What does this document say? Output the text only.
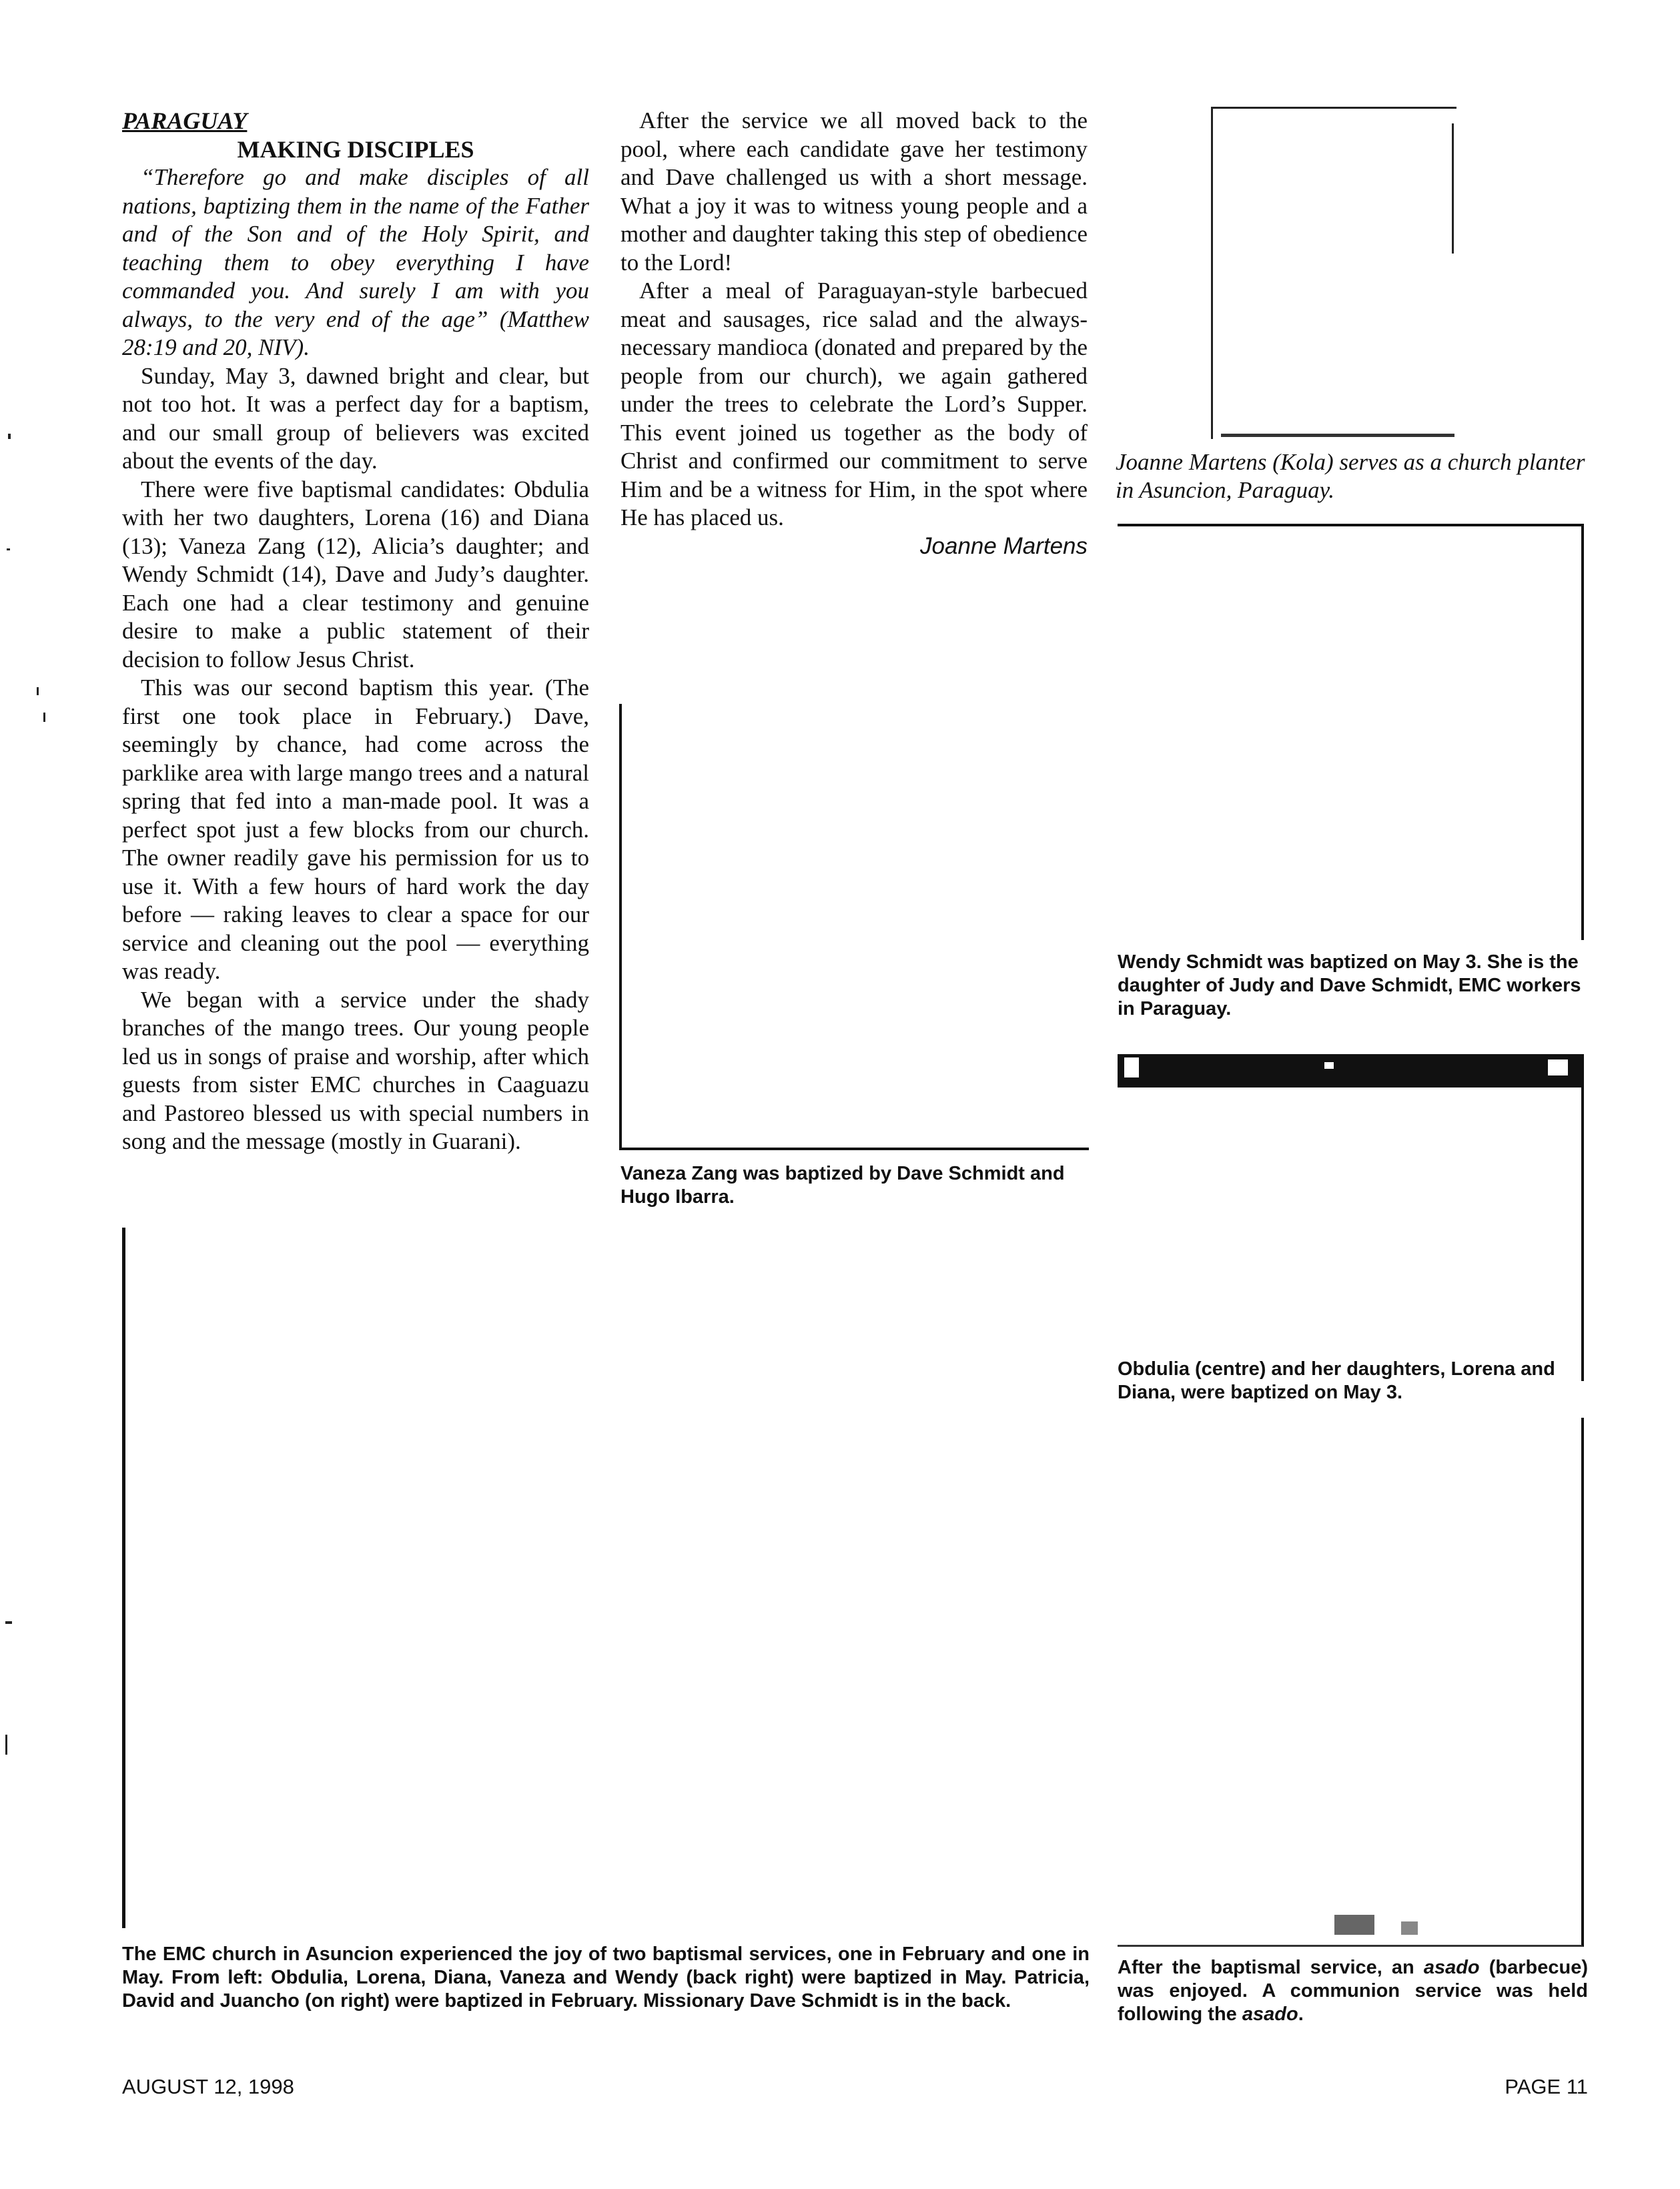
PARAGUAY
MAKING DISCIPLES

“Therefore go and make disciples of all nations, baptizing them in the name of the Father and of the Son and of the Holy Spirit, and teaching them to obey everything I have commanded you. And surely I am with you always, to the very end of the age” (Matthew 28:19 and 20, NIV).

Sunday, May 3, dawned bright and clear, but not too hot. It was a perfect day for a baptism, and our small group of believers was excited about the events of the day.

There were five baptismal candidates: Obdulia with her two daughters, Lorena (16) and Diana (13); Vaneza Zang (12), Alicia’s daughter; and Wendy Schmidt (14), Dave and Judy’s daughter. Each one had a clear testimony and genuine desire to make a public statement of their decision to follow Jesus Christ.

This was our second baptism this year. (The first one took place in February.) Dave, seemingly by chance, had come across the parklike area with large mango trees and a natural spring that fed into a man-made pool. It was a perfect spot just a few blocks from our church. The owner readily gave his permission for us to use it. With a few hours of hard work the day before — raking leaves to clear a space for our service and cleaning out the pool — everything was ready.

We began with a service under the shady branches of the mango trees. Our young people led us in songs of praise and worship, after which guests from sister EMC churches in Caaguazu and Pastoreo blessed us with special numbers in song and the message (mostly in Guarani).

After the service we all moved back to the pool, where each candidate gave her testimony and Dave challenged us with a short message. What a joy it was to witness young people and a mother and daughter taking this step of obedience to the Lord!

After a meal of Paraguayan-style barbecued meat and sausages, rice salad and the always-necessary mandioca (donated and prepared by the people from our church), we again gathered under the trees to celebrate the Lord’s Supper. This event joined us together as the body of Christ and confirmed our commitment to serve Him and be a witness for Him, in the spot where He has placed us.

Joanne Martens

Joanne Martens (Kola) serves as a church planter in Asuncion, Paraguay.

Wendy Schmidt was baptized on May 3. She is the daughter of Judy and Dave Schmidt, EMC workers in Paraguay.

Vaneza Zang was baptized by Dave Schmidt and Hugo Ibarra.

Obdulia (centre) and her daughters, Lorena and Diana, were baptized on May 3.

The EMC church in Asuncion experienced the joy of two baptismal services, one in February and one in May. From left: Obdulia, Lorena, Diana, Vaneza and Wendy (back right) were baptized in May. Patricia, David and Juancho (on right) were baptized in February. Missionary Dave Schmidt is in the back.

After the baptismal service, an asado (barbecue) was enjoyed. A communion service was held following the asado.

AUGUST 12, 1998	PAGE 11
